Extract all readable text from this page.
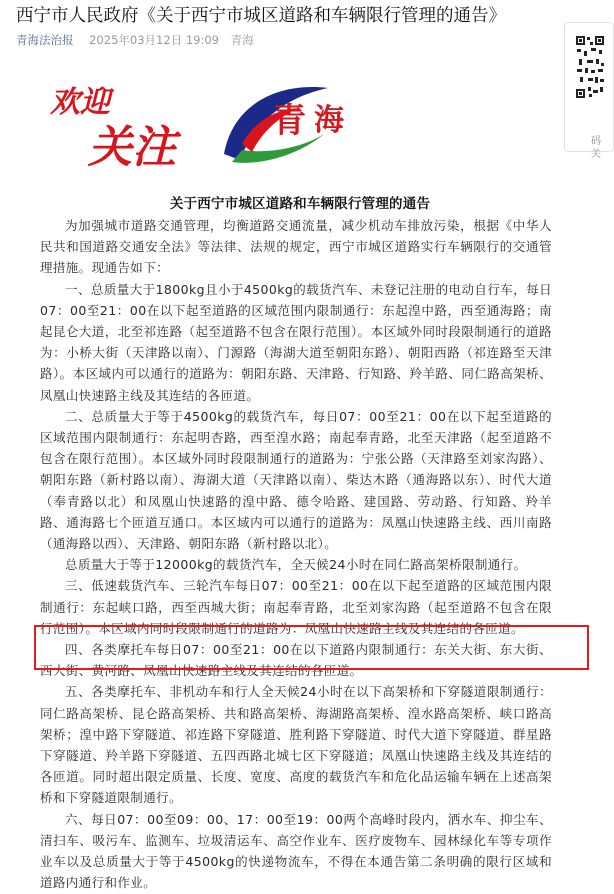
西宁市人民政府《关于西宁市城区道路和车辆限行管理的通告》
青海法治报 2025年03月12日 19:09 青海
码 关
欢迎
关注
青 海
关于西宁市城区道路和车辆限行管理的通告

为加强城市道路交通管理，均衡道路交通流量，减少机动车排放污染，根据《中华人民共和国道路交通安全法》等法律、法规的规定，西宁市城区道路实行车辆限行的交通管理措施。现通告如下：

一、总质量大于1800kg且小于4500kg的载货汽车、未登记注册的电动自行车，每日07：00至21：00在以下起至道路的区域范围内限制通行：东起湟中路，西至通海路；南起昆仑大道，北至祁连路（起至道路不包含在限行范围）。本区域外同时段限制通行的道路为：小桥大街（天津路以南）、门源路（海湖大道至朝阳东路）、朝阳西路（祁连路至天津路）。本区域内可以通行的道路为：朝阳东路、天津路、行知路、羚羊路、同仁路高架桥、凤凰山快速路主线及其连结的各匝道。

二、总质量大于等于4500kg的载货汽车，每日07：00至21：00在以下起至道路的区域范围内限制通行：东起明杏路，西至湟水路；南起奉青路，北至天津路（起至道路不包含在限行范围）。本区域外同时段限制通行的道路为：宁张公路（天津路至刘家沟路）、朝阳东路（新村路以南）、海湖大道（天津路以南）、柴达木路（通海路以东）、时代大道（奉青路以北）和凤凰山快速路的湟中路、德令哈路、建国路、劳动路、行知路、羚羊路、通海路七个匝道互通口。本区域内可以通行的道路为：凤凰山快速路主线、西川南路（通海路以西）、天津路、朝阳东路（新村路以北）。

总质量大于等于12000kg的载货汽车，全天候24小时在同仁路高架桥限制通行。

三、低速载货汽车、三轮汽车每日07：00至21：00在以下起至道路的区域范围内限制通行：东起峡口路，西至西城大街；南起奉青路，北至刘家沟路（起至道路不包含在限行范围）。本区域内同时段限制通行的道路为：凤凰山快速路主线及其连结的各匝道。

四、各类摩托车每日07：00至21：00在以下道路内限制通行：东关大街、东大街、西大街、黄河路、凤凰山快速路主线及其连结的各匝道。

五、各类摩托车、非机动车和行人全天候24小时在以下高架桥和下穿隧道限制通行：同仁路高架桥、昆仑路高架桥、共和路高架桥、海湖路高架桥、湟水路高架桥、峡口路高架桥；湟中路下穿隧道、祁连路下穿隧道、胜利路下穿隧道、时代大道下穿隧道、群星路下穿隧道、羚羊路下穿隧道、五四西路北城七区下穿隧道；凤凰山快速路主线及其连结的各匝道。同时超出限定质量、长度、宽度、高度的载货汽车和危化品运输车辆在上述高架桥和下穿隧道限制通行。

六、每日07：00至09：00、17：00至19：00两个高峰时段内，洒水车、抑尘车、清扫车、吸污车、监测车、垃圾清运车、高空作业车、医疗废物车、园林绿化车等专项作业车以及总质量大于等于4500kg的快递物流车，不得在本通告第二条明确的限行区域和道路内通行和作业。
